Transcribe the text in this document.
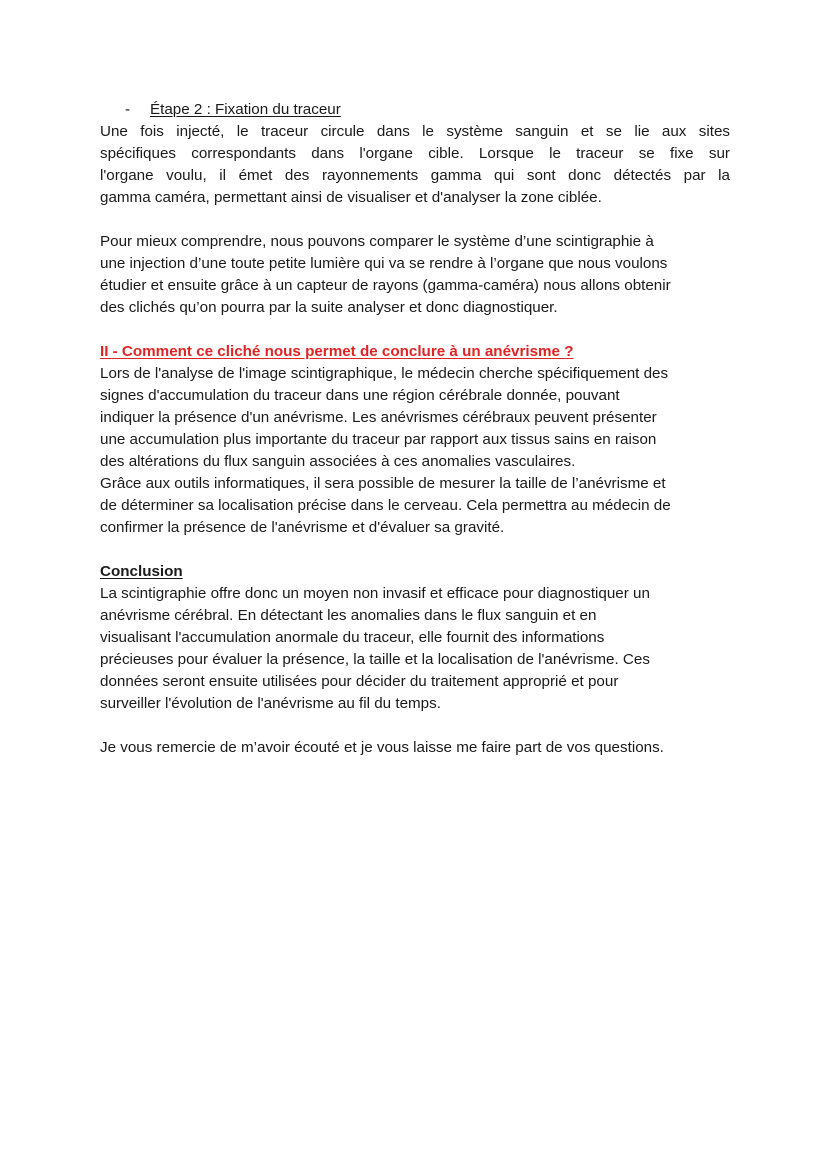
- Étape 2 : Fixation du traceur
Une fois injecté, le traceur circule dans le système sanguin et se lie aux sites
spécifiques correspondants dans l'organe cible. Lorsque le traceur se fixe sur
l'organe voulu, il émet des rayonnements gamma qui sont donc détectés par la
gamma caméra, permettant ainsi de visualiser et d'analyser la zone ciblée.
Pour mieux comprendre, nous pouvons comparer le système d’une scintigraphie à
une injection d’une toute petite lumière qui va se rendre à l’organe que nous voulons
étudier et ensuite grâce à un capteur de rayons (gamma-caméra) nous allons obtenir
des clichés qu’on pourra par la suite analyser et donc diagnostiquer.
II - Comment ce cliché nous permet de conclure à un anévrisme ?
Lors de l'analyse de l'image scintigraphique, le médecin cherche spécifiquement des
signes d'accumulation du traceur dans une région cérébrale donnée, pouvant
indiquer la présence d'un anévrisme. Les anévrismes cérébraux peuvent présenter
une accumulation plus importante du traceur par rapport aux tissus sains en raison
des altérations du flux sanguin associées à ces anomalies vasculaires.
Grâce aux outils informatiques, il sera possible de mesurer la taille de l’anévrisme et
de déterminer sa localisation précise dans le cerveau. Cela permettra au médecin de
confirmer la présence de l'anévrisme et d'évaluer sa gravité.
Conclusion
La scintigraphie offre donc un moyen non invasif et efficace pour diagnostiquer un
anévrisme cérébral. En détectant les anomalies dans le flux sanguin et en
visualisant l'accumulation anormale du traceur, elle fournit des informations
précieuses pour évaluer la présence, la taille et la localisation de l'anévrisme. Ces
données seront ensuite utilisées pour décider du traitement approprié et pour
surveiller l'évolution de l'anévrisme au fil du temps.
Je vous remercie de m’avoir écouté et je vous laisse me faire part de vos questions.
